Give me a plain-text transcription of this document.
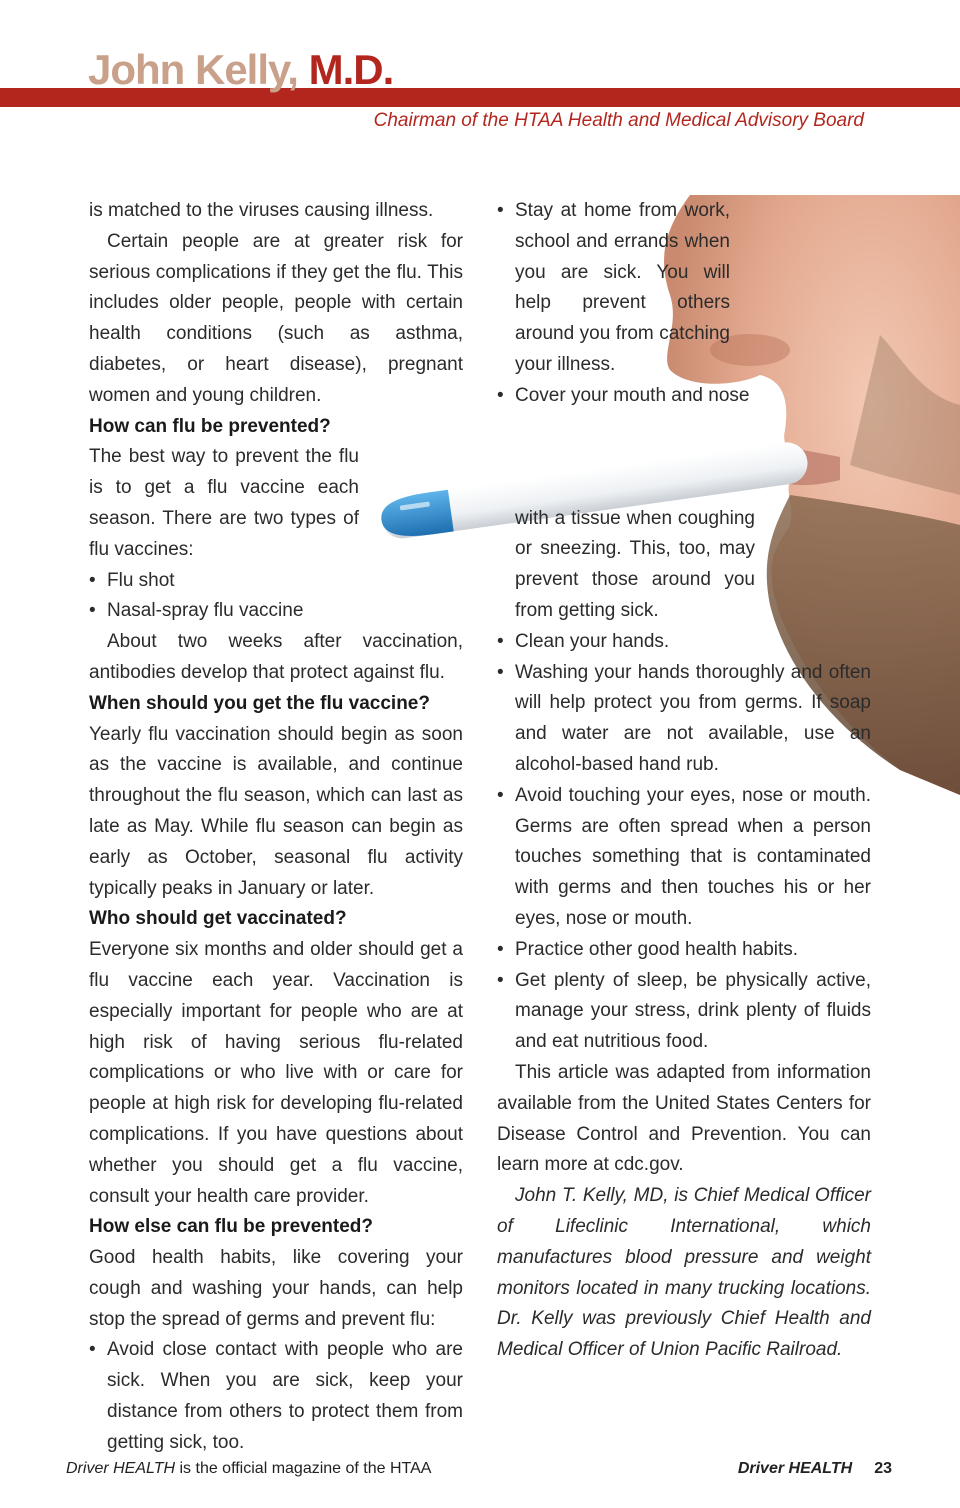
John Kelly, M.D.
Chairman of the HTAA Health and Medical Advisory Board

is matched to the viruses causing illness.

Certain people are at greater risk for serious complications if they get the flu. This includes older people, people with certain health conditions (such as asthma, diabetes, or heart disease), pregnant women and young children.

How can flu be prevented?

The best way to prevent the flu is to get a flu vaccine each season. There are two types of flu vaccines:

• Flu shot
• Nasal-spray flu vaccine

About two weeks after vaccination, antibodies develop that protect against flu.

When should you get the flu vaccine?

Yearly flu vaccination should begin as soon as the vaccine is available, and continue throughout the flu season, which can last as late as May. While flu season can begin as early as October, seasonal flu activity typically peaks in January or later.

Who should get vaccinated?

Everyone six months and older should get a flu vaccine each year. Vaccination is especially important for people who are at high risk of having serious flu-related complications or who live with or care for people at high risk for developing flu-related complications. If you have questions about whether you should get a flu vaccine, consult your health care provider.

How else can flu be prevented?

Good health habits, like covering your cough and washing your hands, can help stop the spread of germs and prevent flu:

• Avoid close contact with people who are sick. When you are sick, keep your distance from others to protect them from getting sick, too.
• Stay at home from work, school and errands when you are sick. You will help prevent others around you from catching your illness.
• Cover your mouth and nose
with a tissue when coughing or sneezing. This, too, may prevent those around you from getting sick.
• Clean your hands.
• Washing your hands thoroughly and often will help protect you from germs. If soap and water are not available, use an alcohol-based hand rub.
• Avoid touching your eyes, nose or mouth. Germs are often spread when a person touches something that is contaminated with germs and then touches his or her eyes, nose or mouth.
• Practice other good health habits.
• Get plenty of sleep, be physically active, manage your stress, drink plenty of fluids and eat nutritious food.

This article was adapted from information available from the United States Centers for Disease Control and Prevention. You can learn more at cdc.gov.

John T. Kelly, MD, is Chief Medical Officer of Lifeclinic International, which manufactures blood pressure and weight monitors located in many trucking locations. Dr. Kelly was previously Chief Health and Medical Officer of Union Pacific Railroad.

Driver HEALTH is the official magazine of the HTAA	Driver HEALTH 23
